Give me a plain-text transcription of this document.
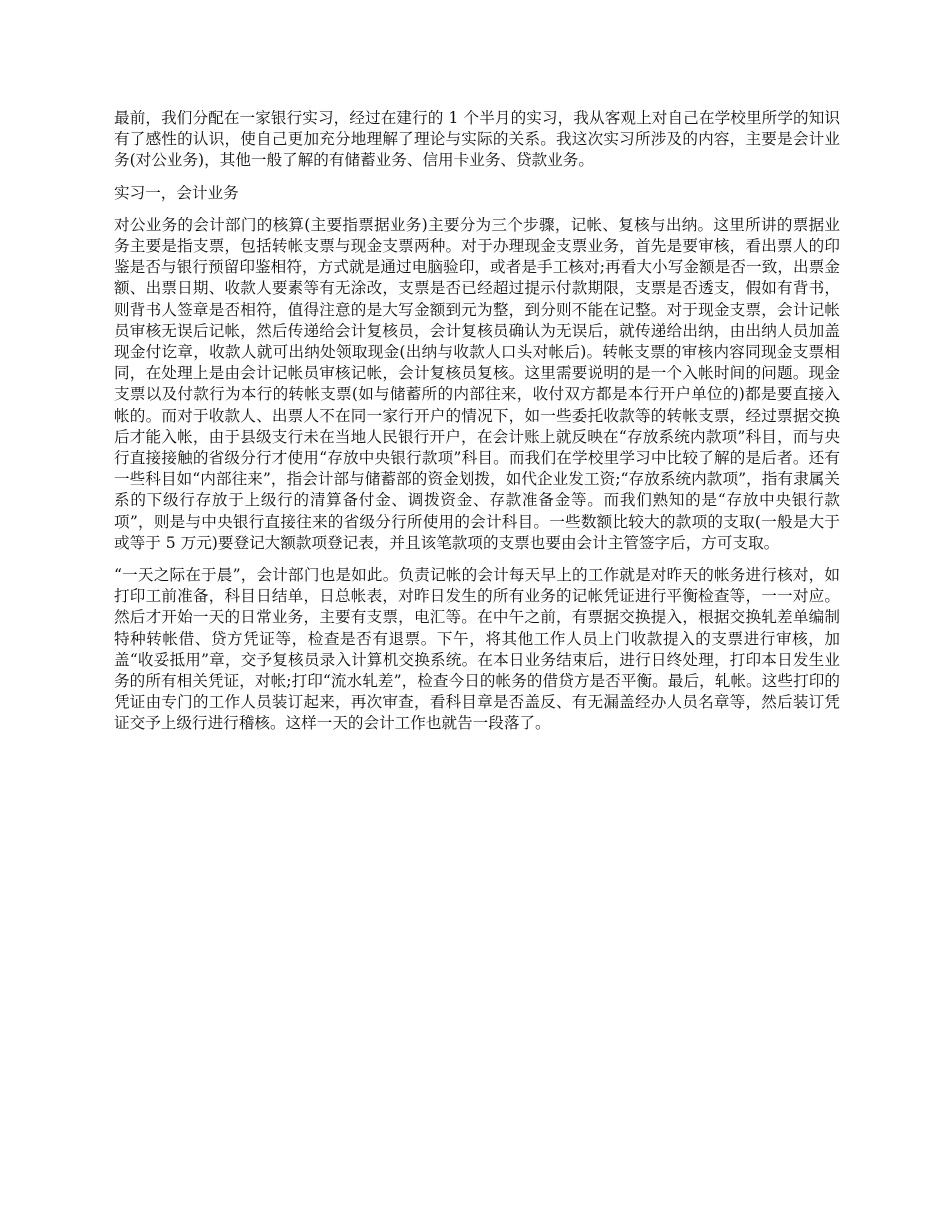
最前，我们分配在一家银行实习，经过在建行的 1 个半月的实习，我从客观上对自己在学校里所学的知识有了感性的认识，使自己更加充分地理解了理论与实际的关系。我这次实习所涉及的内容，主要是会计业务(对公业务)，其他一般了解的有储蓄业务、信用卡业务、贷款业务。

实习一，会计业务

对公业务的会计部门的核算(主要指票据业务)主要分为三个步骤，记帐、复核与出纳。这里所讲的票据业务主要是指支票，包括转帐支票与现金支票两种。对于办理现金支票业务，首先是要审核，看出票人的印鉴是否与银行预留印鉴相符，方式就是通过电脑验印，或者是手工核对;再看大小写金额是否一致，出票金额、出票日期、收款人要素等有无涂改，支票是否已经超过提示付款期限，支票是否透支，假如有背书，则背书人签章是否相符，值得注意的是大写金额到元为整，到分则不能在记整。对于现金支票，会计记帐员审核无误后记帐，然后传递给会计复核员，会计复核员确认为无误后，就传递给出纳，由出纳人员加盖现金付讫章，收款人就可出纳处领取现金(出纳与收款人口头对帐后)。转帐支票的审核内容同现金支票相同，在处理上是由会计记帐员审核记帐，会计复核员复核。这里需要说明的是一个入帐时间的问题。现金支票以及付款行为本行的转帐支票(如与储蓄所的内部往来，收付双方都是本行开户单位的)都是要直接入帐的。而对于收款人、出票人不在同一家行开户的情况下，如一些委托收款等的转帐支票，经过票据交换后才能入帐，由于县级支行未在当地人民银行开户，在会计账上就反映在“存放系统内款项”科目，而与央行直接接触的省级分行才使用“存放中央银行款项”科目。而我们在学校里学习中比较了解的是后者。还有一些科目如“内部往来”，指会计部与储蓄部的资金划拨，如代企业发工资;“存放系统内款项”，指有隶属关系的下级行存放于上级行的清算备付金、调拨资金、存款准备金等。而我们熟知的是“存放中央银行款项”，则是与中央银行直接往来的省级分行所使用的会计科目。一些数额比较大的款项的支取(一般是大于或等于 5 万元)要登记大额款项登记表，并且该笔款项的支票也要由会计主管签字后，方可支取。

“一天之际在于晨”，会计部门也是如此。负责记帐的会计每天早上的工作就是对昨天的帐务进行核对，如打印工前准备，科目日结单，日总帐表，对昨日发生的所有业务的记帐凭证进行平衡检查等，一一对应。然后才开始一天的日常业务，主要有支票，电汇等。在中午之前，有票据交换提入，根据交换轧差单编制特种转帐借、贷方凭证等，检查是否有退票。下午，将其他工作人员上门收款提入的支票进行审核，加盖“收妥抵用”章，交予复核员录入计算机交换系统。在本日业务结束后，进行日终处理，打印本日发生业务的所有相关凭证，对帐;打印“流水轧差”，检查今日的帐务的借贷方是否平衡。最后，轧帐。这些打印的凭证由专门的工作人员装订起来，再次审查，看科目章是否盖反、有无漏盖经办人员名章等，然后装订凭证交予上级行进行稽核。这样一天的会计工作也就告一段落了。
